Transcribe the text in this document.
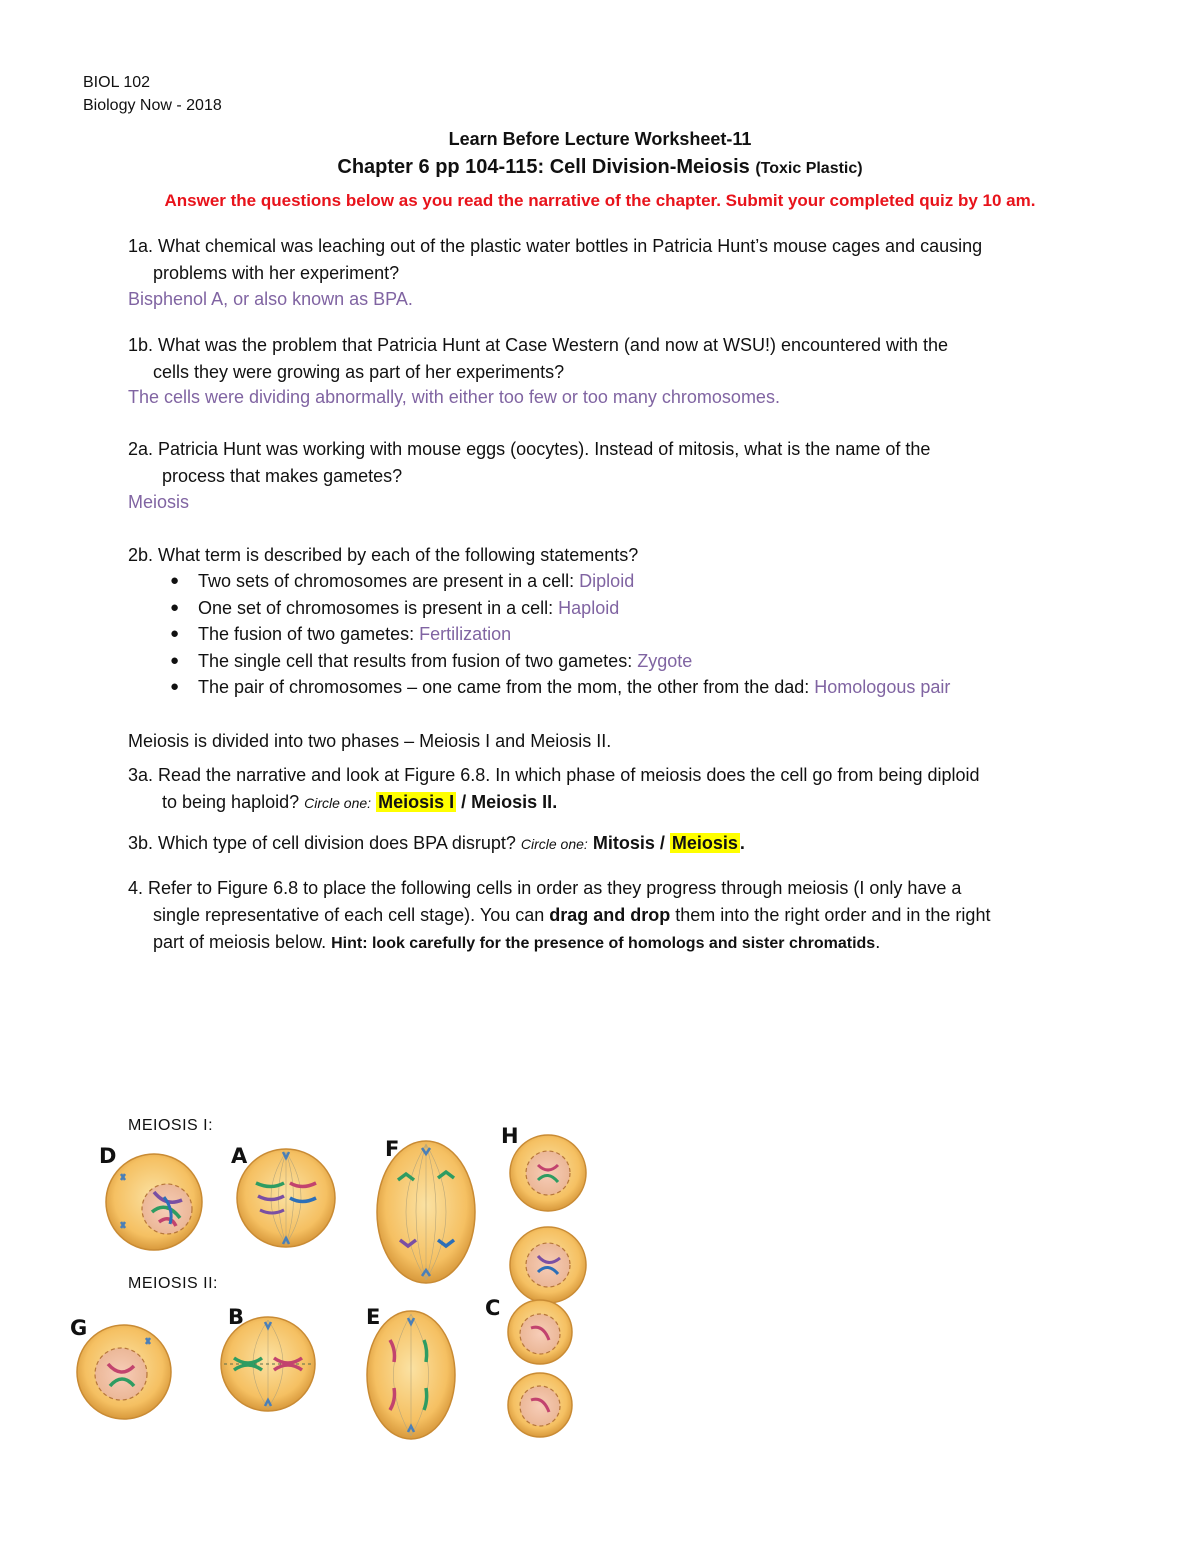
BIOL 102
Biology Now - 2018
Learn Before Lecture Worksheet-11
Chapter 6 pp 104-115: Cell Division-Meiosis (Toxic Plastic)
Answer the questions below as you read the narrative of the chapter. Submit your completed quiz by 10 am.
1a. What chemical was leaching out of the plastic water bottles in Patricia Hunt’s mouse cages and causing
problems with her experiment?
Bisphenol A, or also known as BPA.
1b. What was the problem that Patricia Hunt at Case Western (and now at WSU!) encountered with the
cells they were growing as part of her experiments?
The cells were dividing abnormally, with either too few or too many chromosomes.
2a. Patricia Hunt was working with mouse eggs (oocytes). Instead of mitosis, what is the name of the
process that makes gametes?
Meiosis
2b. What term is described by each of the following statements?
● Two sets of chromosomes are present in a cell: Diploid
● One set of chromosomes is present in a cell: Haploid
● The fusion of two gametes: Fertilization
● The single cell that results from fusion of two gametes: Zygote
● The pair of chromosomes – one came from the mom, the other from the dad: Homologous pair
Meiosis is divided into two phases – Meiosis I and Meiosis II.
3a. Read the narrative and look at Figure 6.8. In which phase of meiosis does the cell go from being diploid
to being haploid? Circle one: Meiosis I / Meiosis II.
3b. Which type of cell division does BPA disrupt? Circle one: Mitosis / Meiosis .
4. Refer to Figure 6.8 to place the following cells in order as they progress through meiosis (I only have a
single representative of each cell stage). You can drag and drop them into the right order and in the right
part of meiosis below. Hint: look carefully for the presence of homologs and sister chromatids.
MEIOSIS I:
MEIOSIS II:
D	A	F
H
G	B	E	C
